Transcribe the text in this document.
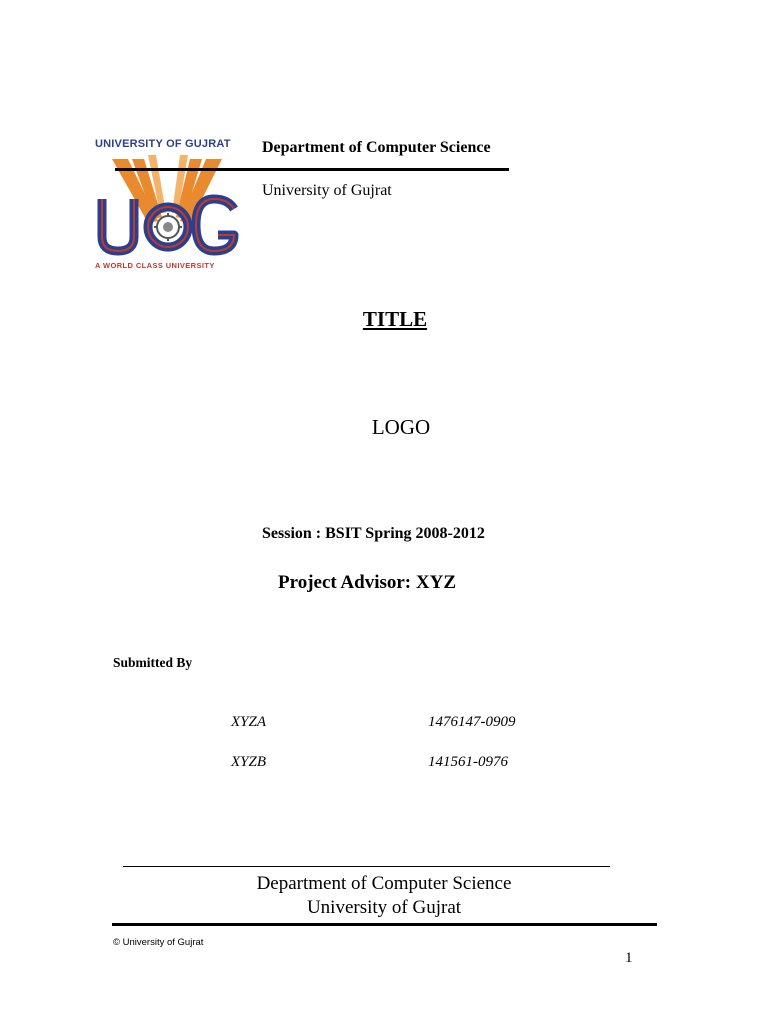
UNIVERSITY OF GUJRAT
A WORLD CLASS UNIVERSITY
Department of Computer Science
University of Gujrat
TITLE
LOGO
Session : BSIT Spring 2008-2012
Project Advisor: XYZ
Submitted By
XYZA	1476147-0909
XYZB	141561-0976
Department of Computer Science
University of Gujrat
© University of Gujrat
1
